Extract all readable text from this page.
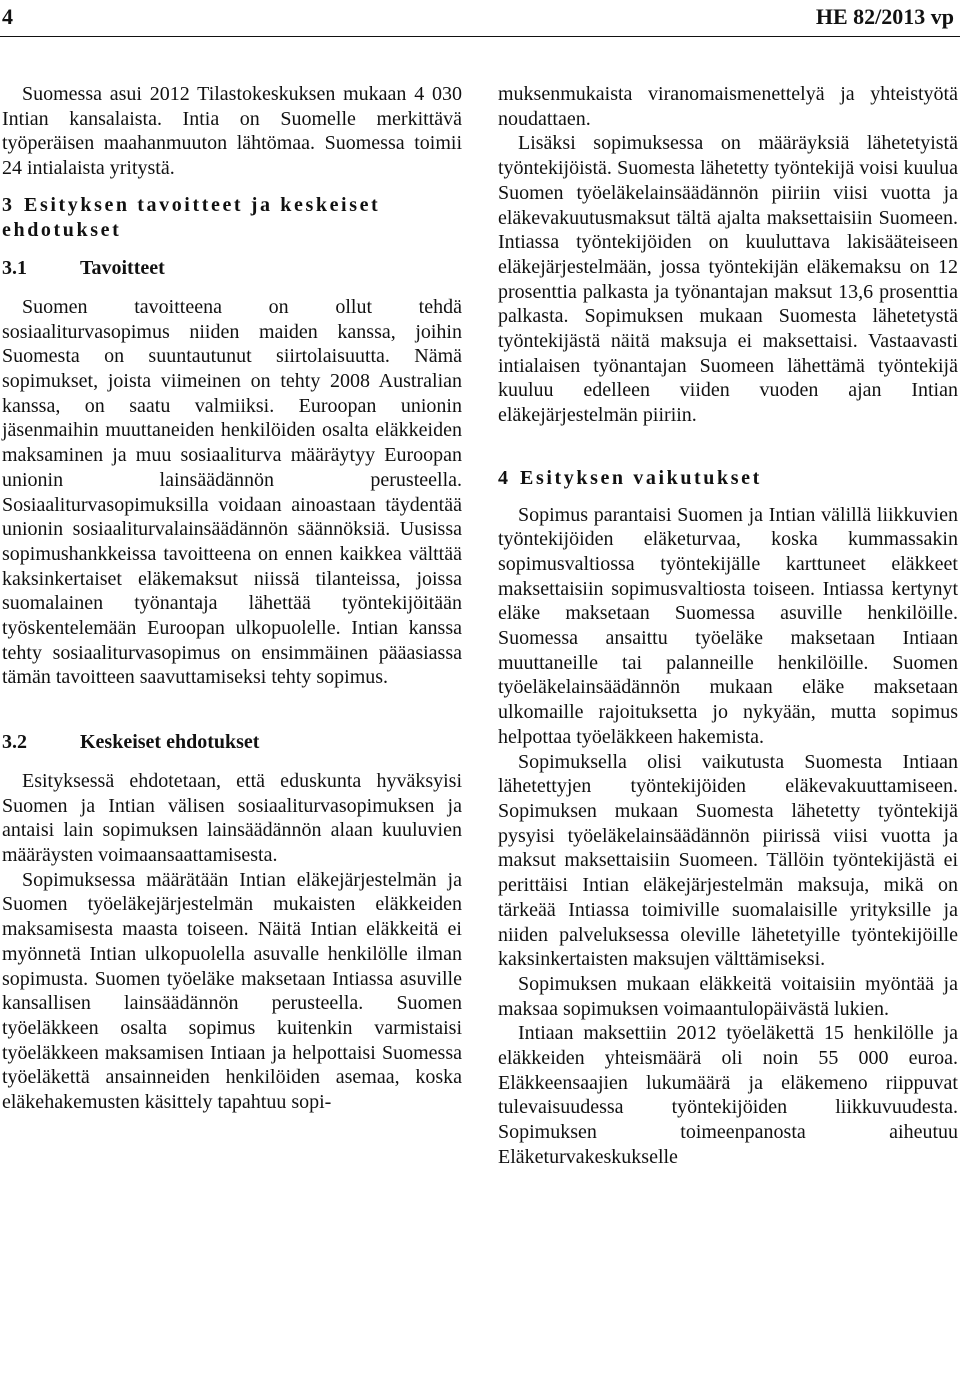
4	HE 82/2013 vp

Suomessa asui 2012 Tilastokeskuksen mukaan 4 030 Intian kansalaista. Intia on Suomelle merkittävä työperäisen maahanmuuton lähtömaa. Suomessa toimii 24 intialaista yritystä.

3 Esityksen tavoitteet ja keskeiset ehdotukset
3.1	Tavoitteet

Suomen tavoitteena on ollut tehdä sosiaaliturvasopimus niiden maiden kanssa, joihin Suomesta on suuntautunut siirtolaisuutta. Nämä sopimukset, joista viimeinen on tehty 2008 Australian kanssa, on saatu valmiiksi. Euroopan unionin jäsenmaihin muuttaneiden henkilöiden osalta eläkkeiden maksaminen ja muu sosiaaliturva määräytyy Euroopan unionin lainsäädännön perusteella. Sosiaaliturvasopimuksilla voidaan ainoastaan täydentää unionin sosiaaliturvalainsäädännön säännöksiä. Uusissa sopimushankkeissa tavoitteena on ennen kaikkea välttää kaksinkertaiset eläkemaksut niissä tilanteissa, joissa suomalainen työnantaja lähettää työntekijöitään työskentelemään Euroopan ulkopuolelle. Intian kanssa tehty sosiaaliturvasopimus on ensimmäinen pääasiassa tämän tavoitteen saavuttamiseksi tehty sopimus.

3.2	Keskeiset ehdotukset

Esityksessä ehdotetaan, että eduskunta hyväksyisi Suomen ja Intian välisen sosiaaliturvasopimuksen ja antaisi lain sopimuksen lainsäädännön alaan kuuluvien määräysten voimaansaattamisesta.

Sopimuksessa määrätään Intian eläkejärjestelmän ja Suomen työeläkejärjestelmän mukaisten eläkkeiden maksamisesta maasta toiseen. Näitä Intian eläkkeitä ei myönnetä Intian ulkopuolella asuvalle henkilölle ilman sopimusta. Suomen työeläke maksetaan Intiassa asuville kansallisen lainsäädännön perusteella. Suomen työeläkkeen osalta sopimus kuitenkin varmistaisi työeläkkeen maksamisen Intiaan ja helpottaisi Suomessa työeläkettä ansainneiden henkilöiden asemaa, koska eläkehakemusten käsittely tapahtuu sopi-

muksenmukaista viranomaismenettelyä ja yhteistyötä noudattaen.

Lisäksi sopimuksessa on määräyksiä lähetetyistä työntekijöistä. Suomesta lähetetty työntekijä voisi kuulua Suomen työeläkelainsäädännön piiriin viisi vuotta ja eläkevakuutusmaksut tältä ajalta maksettaisiin Suomeen. Intiassa työntekijöiden on kuuluttava lakisääteiseen eläkejärjestelmään, jossa työntekijän eläkemaksu on 12 prosenttia palkasta ja työnantajan maksut 13,6 prosenttia palkasta. Sopimuksen mukaan Suomesta lähetetystä työntekijästä näitä maksuja ei maksettaisi. Vastaavasti intialaisen työnantajan Suomeen lähettämä työntekijä kuuluu edelleen viiden vuoden ajan Intian eläkejärjestelmän piiriin.

4 Esityksen vaikutukset

Sopimus parantaisi Suomen ja Intian välillä liikkuvien työntekijöiden eläketurvaa, koska kummassakin sopimusvaltiossa työntekijälle karttuneet eläkkeet maksettaisiin sopimusvaltiosta toiseen. Intiassa kertynyt eläke maksetaan Suomessa asuville henkilöille. Suomessa ansaittu työeläke maksetaan Intiaan muuttaneille tai palanneille henkilöille. Suomen työeläkelainsäädännön mukaan eläke maksetaan ulkomaille rajoituksetta jo nykyään, mutta sopimus helpottaa työeläkkeen hakemista.

Sopimuksella olisi vaikutusta Suomesta Intiaan lähetettyjen työntekijöiden eläkevakuuttamiseen. Sopimuksen mukaan Suomesta lähetetty työntekijä pysyisi työeläkelainsäädännön piirissä viisi vuotta ja maksut maksettaisiin Suomeen. Tällöin työntekijästä ei perittäisi Intian eläkejärjestelmän maksuja, mikä on tärkeää Intiassa toimiville suomalaisille yrityksille ja niiden palveluksessa oleville lähetetyille työntekijöille kaksinkertaisten maksujen välttämiseksi.

Sopimuksen mukaan eläkkeitä voitaisiin myöntää ja maksaa sopimuksen voimaantulopäivästä lukien.

Intiaan maksettiin 2012 työeläkettä 15 henkilölle ja eläkkeiden yhteismäärä oli noin 55 000 euroa. Eläkkeensaajien lukumäärä ja eläkemeno riippuvat tulevaisuudessa työntekijöiden liikkuvuudesta. Sopimuksen toimeenpanosta aiheutuu Eläketurvakeskukselle
